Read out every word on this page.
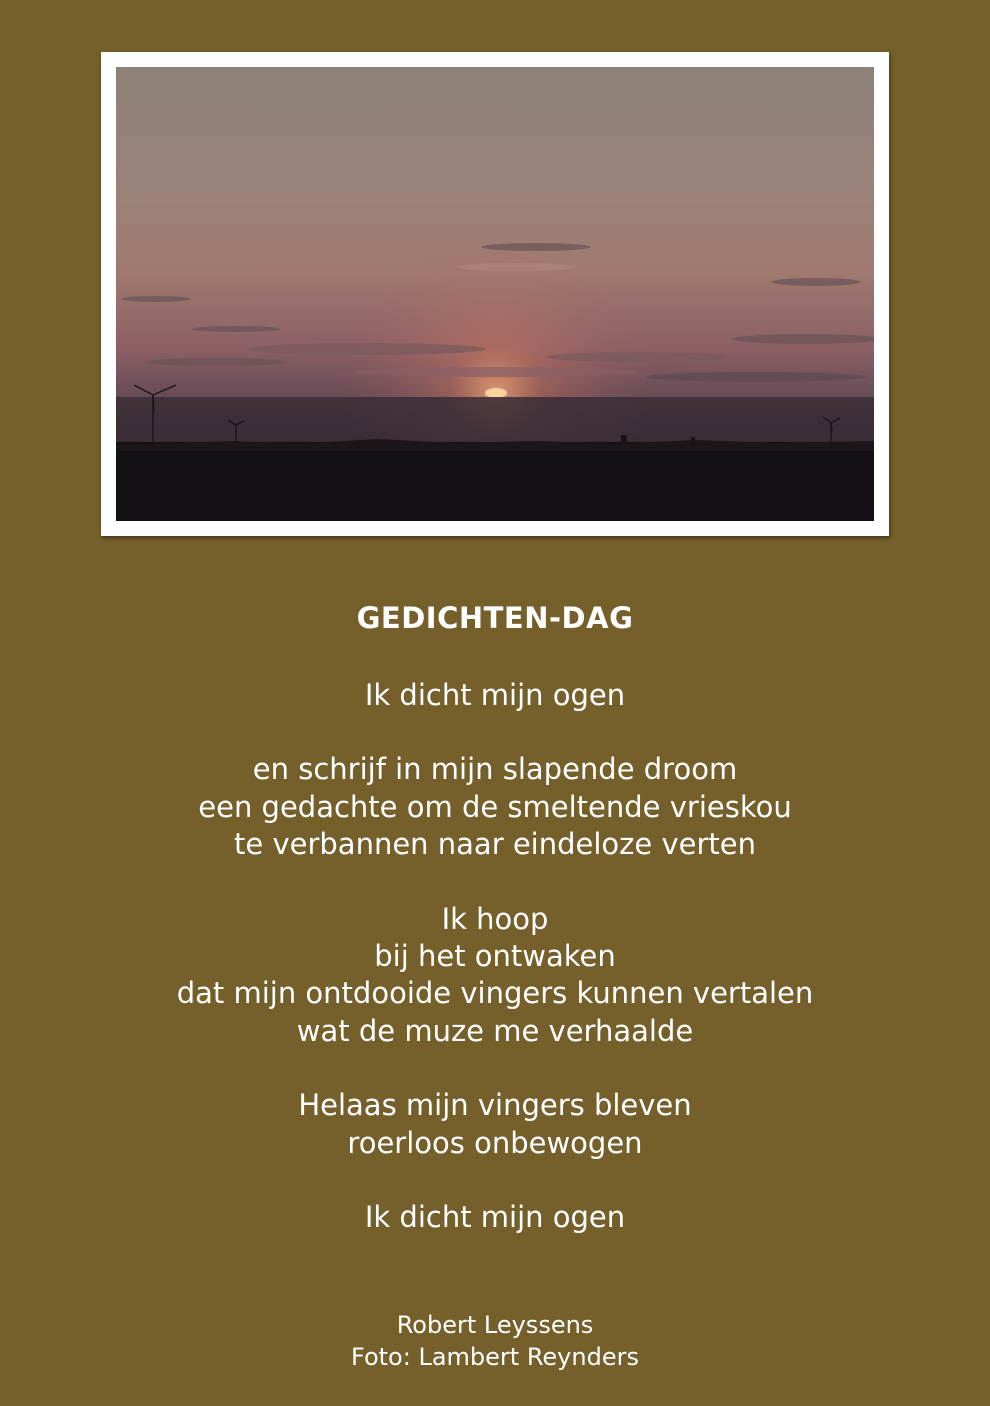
GEDICHTEN-DAG
Ik dicht mijn ogen
en schrijf in mijn slapende droom
een gedachte om de smeltende vrieskou
te verbannen naar eindeloze verten
Ik hoop
bij het ontwaken
dat mijn ontdooide vingers kunnen vertalen
wat de muze me verhaalde
Helaas mijn vingers bleven
roerloos onbewogen
Ik dicht mijn ogen
Robert Leyssens
Foto: Lambert Reynders
